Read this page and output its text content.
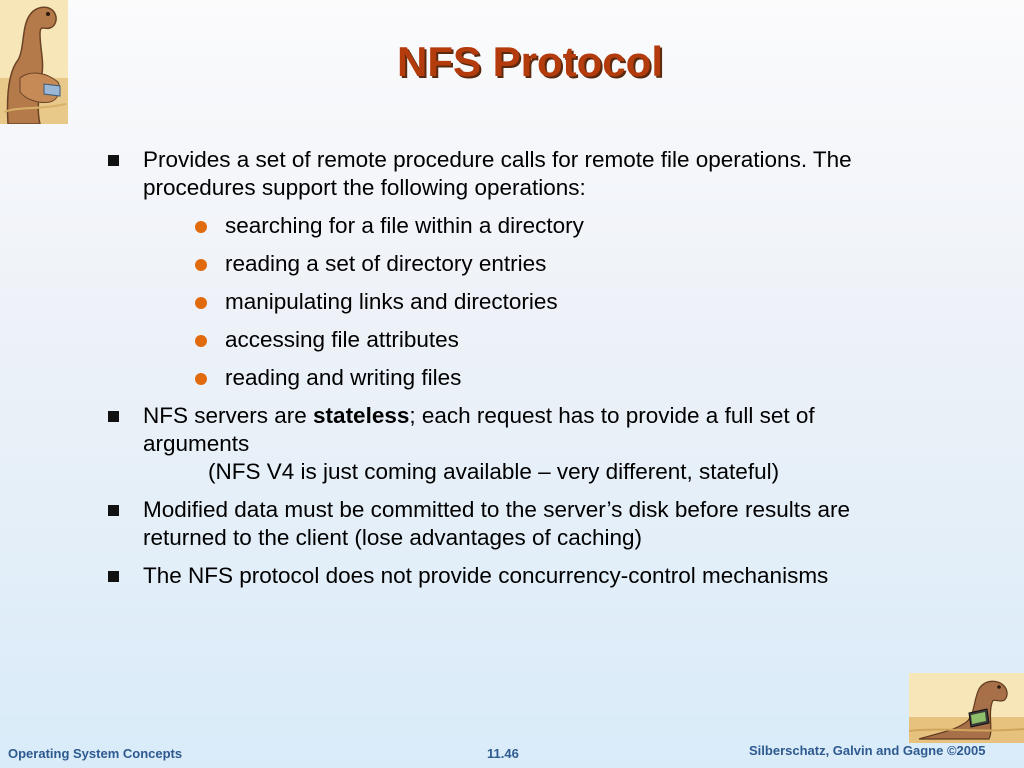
NFS Protocol
Provides a set of remote procedure calls for remote file operations. The procedures support the following operations:
searching for a file within a directory
reading a set of directory entries
manipulating links and directories
accessing file attributes
reading and writing files
NFS servers are stateless; each request has to provide a full set of arguments
(NFS V4 is just coming available – very different, stateful)
Modified data must be committed to the server’s disk before results are returned to the client (lose advantages of caching)
The NFS protocol does not provide concurrency-control mechanisms
Operating System Concepts	11.46	Silberschatz, Galvin and Gagne ©2005
